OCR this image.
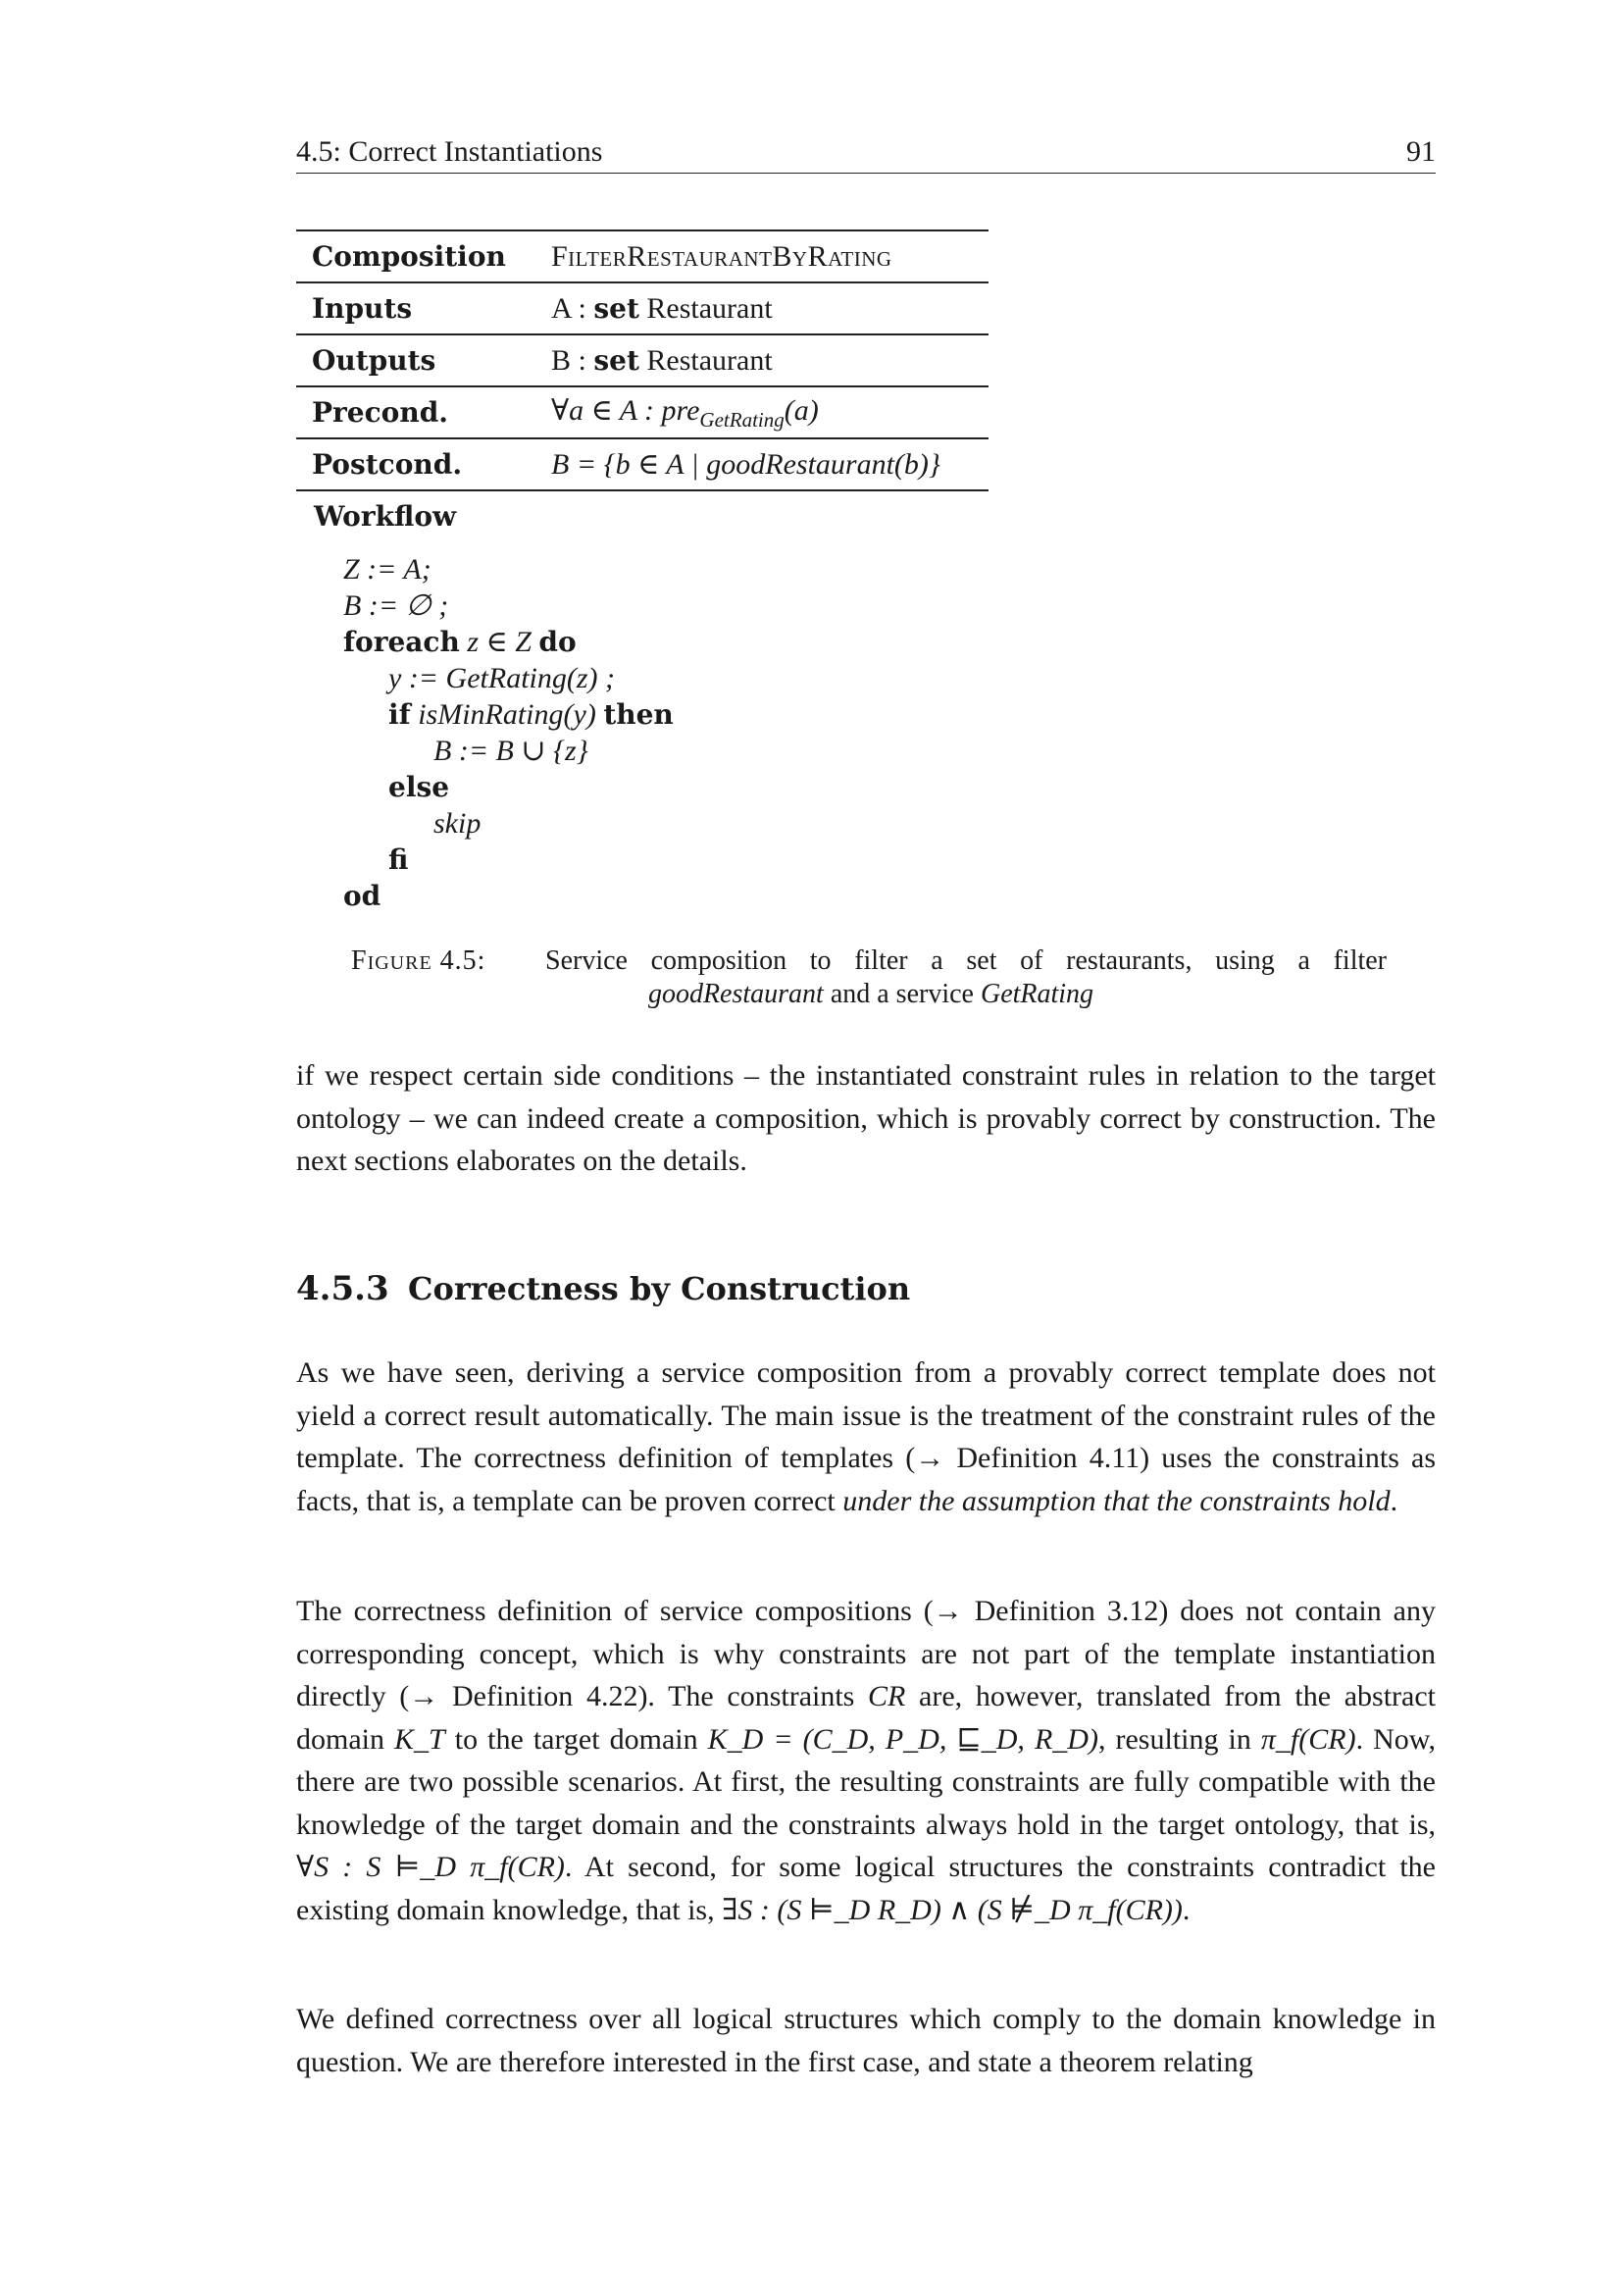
4.5: Correct Instantiations	91
Composition	FilterRestaurantByRating
Inputs	A : set Restaurant
Outputs	B : set Restaurant
Precond.	∀a ∈ A : pre$_{GetRating}$(a)
Postcond.	B = {b ∈ A | goodRestaurant(b)}
Workflow
Z := A;
B := ∅ ;
foreach z ∈ Z do
y := GetRating(z) ;
if isMinRating(y) then
B := B ∪ {z}
else
skip
fi
od
Figure 4.5: Service composition to filter a set of restaurants, using a filter
goodRestaurant and a service GetRating

if we respect certain side conditions – the instantiated constraint rules in relation to the target ontology – we can indeed create a composition, which is provably correct by construction. The next sections elaborates on the details.

4.5.3 Correctness by Construction

As we have seen, deriving a service composition from a provably correct template does not yield a correct result automatically. The main issue is the treatment of the constraint rules of the template. The correctness definition of templates (→ Definition 4.11) uses the constraints as facts, that is, a template can be proven correct under the assumption that the constraints hold.

The correctness definition of service compositions (→ Definition 3.12) does not contain any corresponding concept, which is why constraints are not part of the template instantiation directly (→ Definition 4.22). The constraints CR are, however, translated from the abstract domain K_T to the target domain K_D = (C_D, P_D, ⊑_D, R_D), resulting in π_f(CR). Now, there are two possible scenarios. At first, the resulting constraints are fully compatible with the knowledge of the target domain and the constraints always hold in the target ontology, that is, ∀S : S ⊨_D π_f(CR). At second, for some logical structures the constraints contradict the existing domain knowledge, that is, ∃S : (S ⊨_D R_D) ∧ (S ⊭_D π_f(CR)).

We defined correctness over all logical structures which comply to the domain knowledge in question. We are therefore interested in the first case, and state a theorem relating
